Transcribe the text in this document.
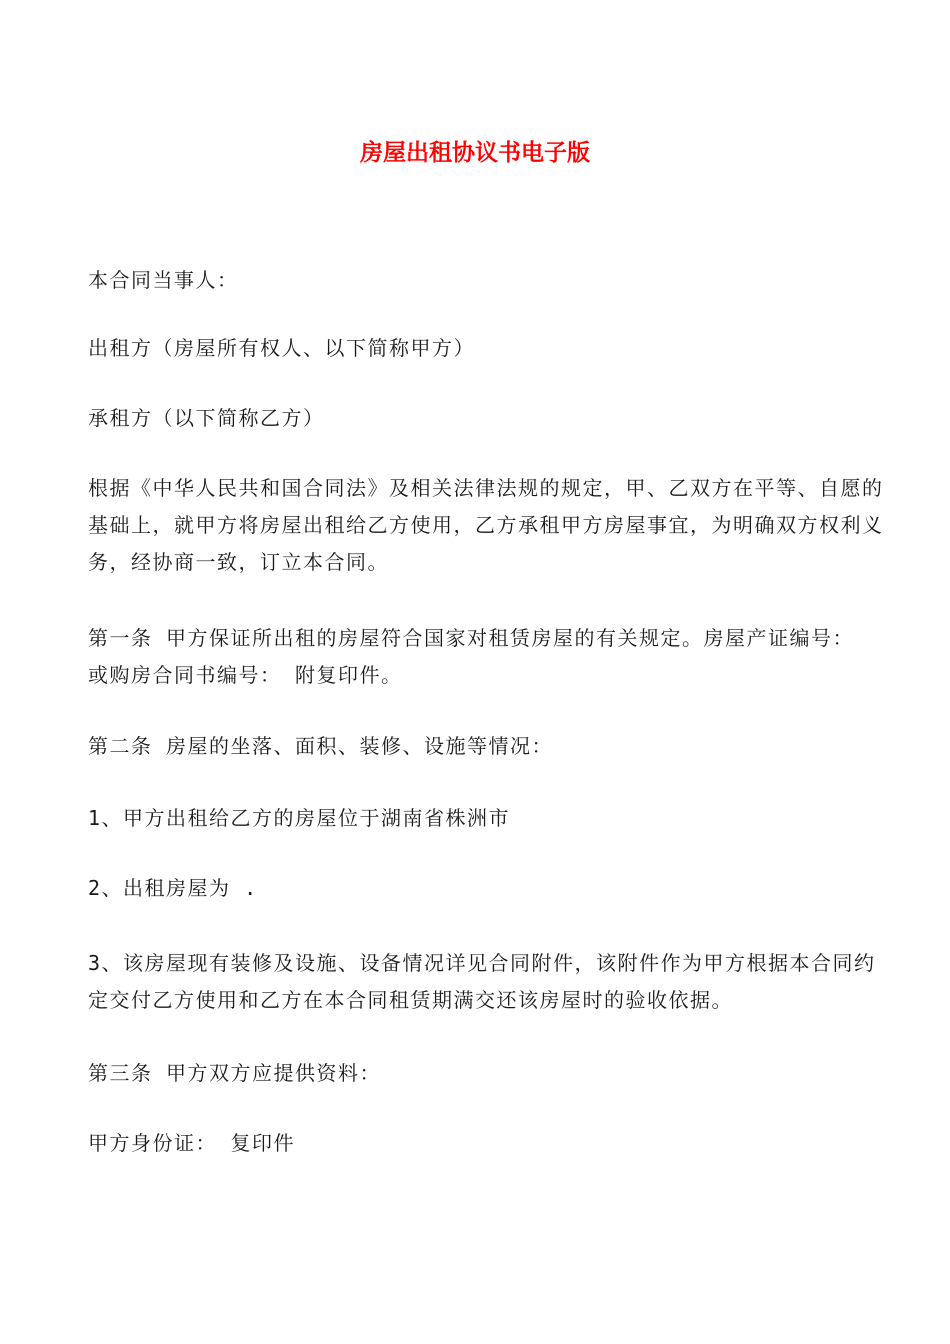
房屋出租协议书电子版

本合同当事人：

出租方（房屋所有权人、以下简称甲方）

承租方（以下简称乙方）

根据《中华人民共和国合同法》及相关法律法规的规定，甲、乙双方在平等、自愿的基础上，就甲方将房屋出租给乙方使用，乙方承租甲方房屋事宜，为明确双方权利义务，经协商一致，订立本合同。

第一条 甲方保证所出租的房屋符合国家对租赁房屋的有关规定。房屋产证编号： 或购房合同书编号： 附复印件。

第二条 房屋的坐落、面积、装修、设施等情况：

1、甲方出租给乙方的房屋位于湖南省株洲市

2、出租房屋为 .

3、该房屋现有装修及设施、设备情况详见合同附件，该附件作为甲方根据本合同约定交付乙方使用和乙方在本合同租赁期满交还该房屋时的验收依据。

第三条 甲方双方应提供资料：

甲方身份证： 复印件
